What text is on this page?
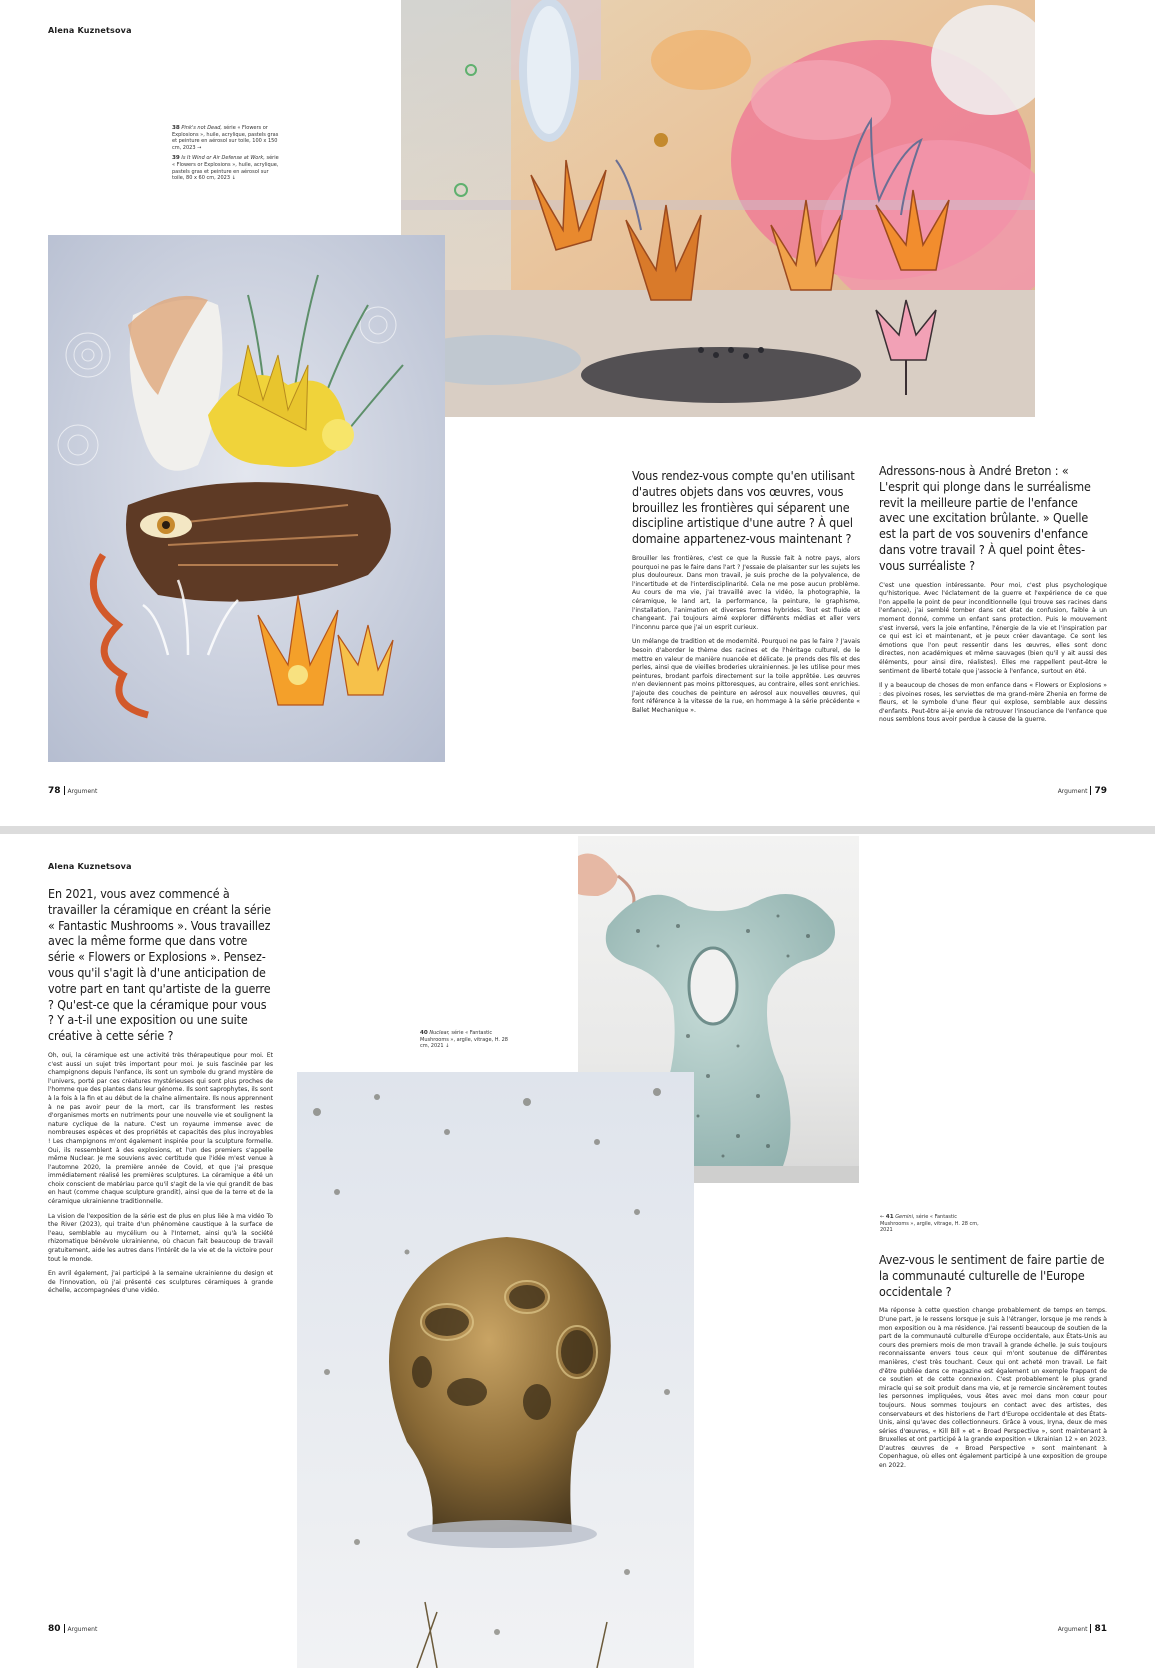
Alena Kuznetsova

38 Pink's not Dead, série « Flowers or Explosions », huile, acrylique, pastels gras et peinture en aérosol sur toile, 100 x 150 cm, 2023 →

39 Is It Wind or Air Defense at Work, série « Flowers or Explosions », huile, acrylique, pastels gras et peinture en aérosol sur toile, 80 x 60 cm, 2023 ↓

Vous rendez-vous compte qu'en utilisant d'autres objets dans vos œuvres, vous brouillez les frontières qui séparent une discipline artistique d'une autre ? À quel domaine appartenez-vous maintenant ?

Brouiller les frontières, c'est ce que la Russie fait à notre pays, alors pourquoi ne pas le faire dans l'art ? J'essaie de plaisanter sur les sujets les plus douloureux. Dans mon travail, je suis proche de la polyvalence, de l'incertitude et de l'interdisciplinarité. Cela ne me pose aucun problème. Au cours de ma vie, j'ai travaillé avec la vidéo, la photographie, la céramique, le land art, la performance, la peinture, le graphisme, l'installation, l'animation et diverses formes hybrides. Tout est fluide et changeant. J'ai toujours aimé explorer différents médias et aller vers l'inconnu parce que j'ai un esprit curieux.

Un mélange de tradition et de modernité. Pourquoi ne pas le faire ? J'avais besoin d'aborder le thème des racines et de l'héritage culturel, de le mettre en valeur de manière nuancée et délicate. Je prends des fils et des perles, ainsi que de vieilles broderies ukrainiennes. Je les utilise pour mes peintures, brodant parfois directement sur la toile apprêtée. Les œuvres n'en deviennent pas moins pittoresques, au contraire, elles sont enrichies. J'ajoute des couches de peinture en aérosol aux nouvelles œuvres, qui font référence à la vitesse de la rue, en hommage à la série précédente « Ballet Mechanique ».

Adressons-nous à André Breton : « L'esprit qui plonge dans le surréalisme revit la meilleure partie de l'enfance avec une excitation brûlante. » Quelle est la part de vos souvenirs d'enfance dans votre travail ? À quel point êtes-vous surréaliste ?

C'est une question intéressante. Pour moi, c'est plus psychologique qu'historique. Avec l'éclatement de la guerre et l'expérience de ce que l'on appelle le point de peur inconditionnelle (qui trouve ses racines dans l'enfance), j'ai semblé tomber dans cet état de confusion, faible à un moment donné, comme un enfant sans protection. Puis le mouvement s'est inversé, vers la joie enfantine, l'énergie de la vie et l'inspiration par ce qui est ici et maintenant, et je peux créer davantage. Ce sont les émotions que l'on peut ressentir dans les œuvres, elles sont donc directes, non académiques et même sauvages (bien qu'il y ait aussi des éléments, pour ainsi dire, réalistes). Elles me rappellent peut-être le sentiment de liberté totale que j'associe à l'enfance, surtout en été.

Il y a beaucoup de choses de mon enfance dans « Flowers or Explosions » : des pivoines roses, les serviettes de ma grand-mère Zhenia en forme de fleurs, et le symbole d'une fleur qui explose, semblable aux dessins d'enfants. Peut-être ai-je envie de retrouver l'insouciance de l'enfance que nous semblons tous avoir perdue à cause de la guerre.

78 Argument	Argument 79
Alena Kuznetsova
En 2021, vous avez commencé à travailler la céramique en créant la série « Fantastic Mushrooms ». Vous travaillez avec la même forme que dans votre série « Flowers or Explosions ». Pensez-vous qu'il s'agit là d'une anticipation de votre part en tant qu'artiste de la guerre ? Qu'est-ce que la céramique pour vous ? Y a-t-il une exposition ou une suite créative à cette série ?

Oh, oui, la céramique est une activité très thérapeutique pour moi. Et c'est aussi un sujet très important pour moi. Je suis fascinée par les champignons depuis l'enfance, ils sont un symbole du grand mystère de l'univers, porté par ces créatures mystérieuses qui sont plus proches de l'homme que des plantes dans leur génome. Ils sont saprophytes, ils sont à la fois à la fin et au début de la chaîne alimentaire. Ils nous apprennent à ne pas avoir peur de la mort, car ils transforment les restes d'organismes morts en nutriments pour une nouvelle vie et soulignent la nature cyclique de la nature. C'est un royaume immense avec de nombreuses espèces et des propriétés et capacités des plus incroyables ! Les champignons m'ont également inspirée pour la sculpture formelle. Oui, ils ressemblent à des explosions, et l'un des premiers s'appelle même Nuclear. Je me souviens avec certitude que l'idée m'est venue à l'automne 2020, la première année de Covid, et que j'ai presque immédiatement réalisé les premières sculptures. La céramique a été un choix conscient de matériau parce qu'il s'agit de la vie qui grandit de bas en haut (comme chaque sculpture grandit), ainsi que de la terre et de la céramique ukrainienne traditionnelle.

La vision de l'exposition de la série est de plus en plus liée à ma vidéo To the River (2023), qui traite d'un phénomène caustique à la surface de l'eau, semblable au mycélium ou à l'Internet, ainsi qu'à la société rhizomatique bénévole ukrainienne, où chacun fait beaucoup de travail gratuitement, aide les autres dans l'intérêt de la vie et de la victoire pour tout le monde.

En avril également, j'ai participé à la semaine ukrainienne du design et de l'innovation, où j'ai présenté ces sculptures céramiques à grande échelle, accompagnées d'une vidéo.

40 Nuclear, série « Fantastic Mushrooms », argile, vitrage, H. 28 cm, 2021 ↓

← 41 Gemini, série « Fantastic Mushrooms », argile, vitrage, H. 28 cm, 2021

Avez-vous le sentiment de faire partie de la communauté culturelle de l'Europe occidentale ?

Ma réponse à cette question change probablement de temps en temps. D'une part, je le ressens lorsque je suis à l'étranger, lorsque je me rends à mon exposition ou à ma résidence. J'ai ressenti beaucoup de soutien de la part de la communauté culturelle d'Europe occidentale, aux États-Unis au cours des premiers mois de mon travail à grande échelle. Je suis toujours reconnaissante envers tous ceux qui m'ont soutenue de différentes manières, c'est très touchant. Ceux qui ont acheté mon travail. Le fait d'être publiée dans ce magazine est également un exemple frappant de ce soutien et de cette connexion. C'est probablement le plus grand miracle qui se soit produit dans ma vie, et je remercie sincèrement toutes les personnes impliquées, vous êtes avec moi dans mon cœur pour toujours. Nous sommes toujours en contact avec des artistes, des conservateurs et des historiens de l'art d'Europe occidentale et des États-Unis, ainsi qu'avec des collectionneurs. Grâce à vous, Iryna, deux de mes séries d'œuvres, « Kill Bill » et « Broad Perspective », sont maintenant à Bruxelles et ont participé à la grande exposition « Ukrainian 12 » en 2023. D'autres œuvres de « Broad Perspective » sont maintenant à Copenhague, où elles ont également participé à une exposition de groupe en 2022.

80 Argument	Argument 81
